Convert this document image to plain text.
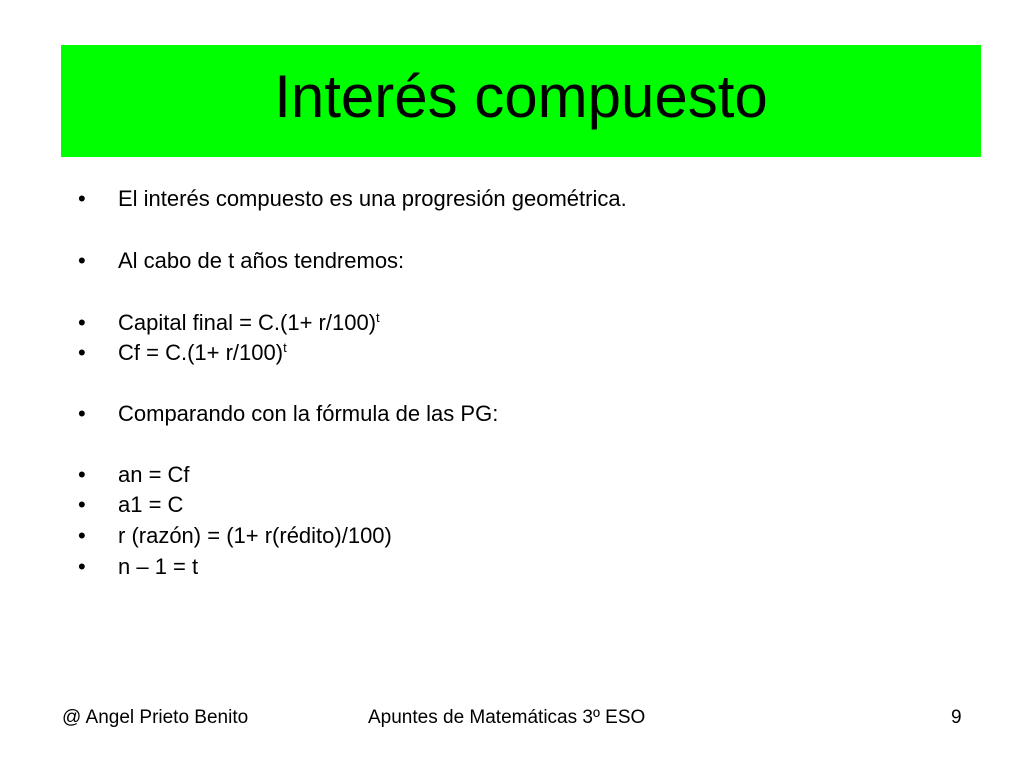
Interés compuesto
• El interés compuesto es una progresión geométrica.
• Al cabo de t años tendremos:
• Capital final = $C.(1+ r/100)^t$
• $Cf = C.(1+ r/100)^t$
• Comparando con la fórmula de las PG:
• an = Cf
• a1 = C
• r (razón) = (1+ r(rédito)/100)
• n – 1 = t
@ Angel Prieto Benito	Apuntes de Matemáticas 3º ESO	9
